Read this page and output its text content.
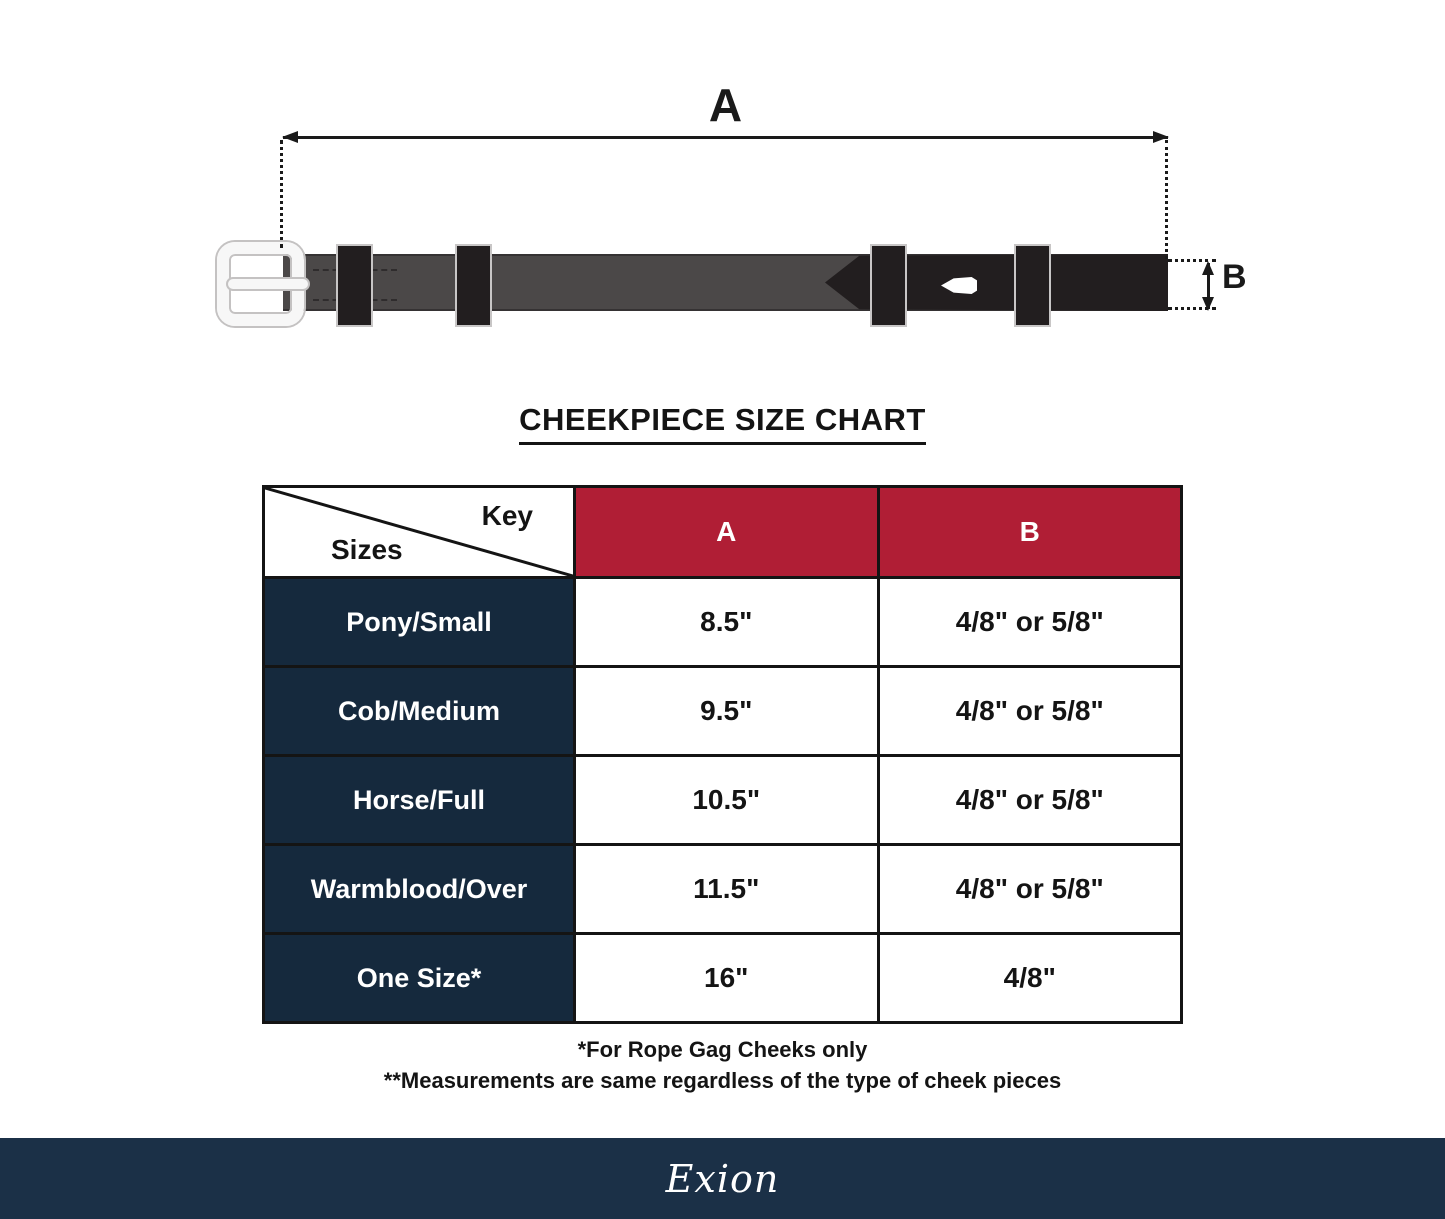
A
B
CHEEKPIECE SIZE CHART
Key
Sizes	A	B
Pony/Small	8.5"	4/8" or 5/8"
Cob/Medium	9.5"	4/8" or 5/8"
Horse/Full	10.5"	4/8" or 5/8"
Warmblood/Over	11.5"	4/8" or 5/8"
One Size*	16"	4/8"
*For Rope Gag Cheeks only
**Measurements are same regardless of the type of cheek pieces
Exion
